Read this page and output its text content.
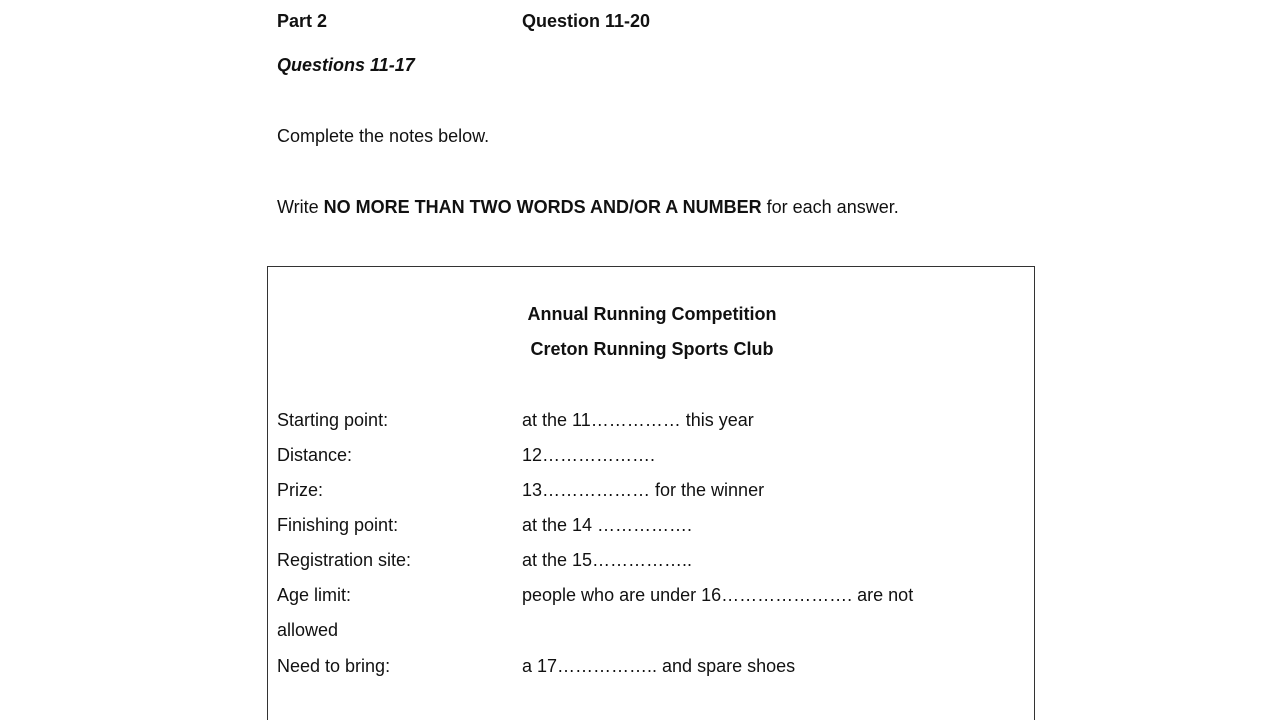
Part 2	Question 11-20
Questions 11-17
Complete the notes below.
Write NO MORE THAN TWO WORDS AND/OR A NUMBER for each answer.
Annual Running Competition
Creton Running Sports Club
Starting point:	at the 11…………… this year
Distance:	12……………….
Prize:	13……………… for the winner
Finishing point:	at the 14 …………….
Registration site:	at the 15……………..
Age limit:	people who are under 16…………………. are not
allowed
Need to bring:	a 17…………….. and spare shoes
